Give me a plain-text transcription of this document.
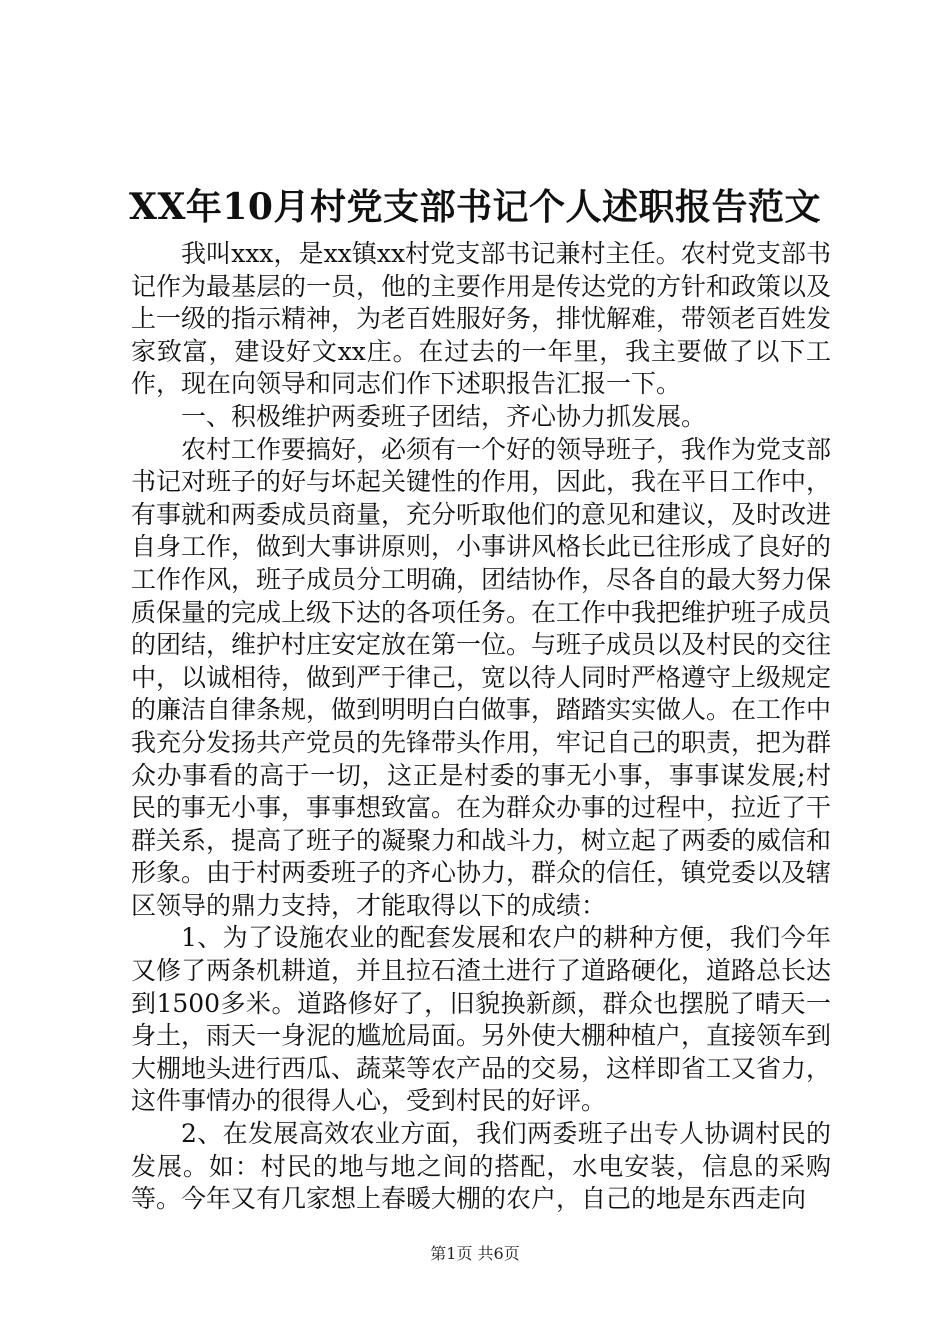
XX年10月村党支部书记个人述职报告范文

我叫xxx，是xx镇xx村党支部书记兼村主任。农村党支部书记作为最基层的一员，他的主要作用是传达党的方针和政策以及上一级的指示精神，为老百姓服好务，排忧解难，带领老百姓发家致富，建设好文xx庄。在过去的一年里，我主要做了以下工作，现在向领导和同志们作下述职报告汇报一下。

一、积极维护两委班子团结，齐心协力抓发展。

农村工作要搞好，必须有一个好的领导班子，我作为党支部书记对班子的好与坏起关键性的作用，因此，我在平日工作中，有事就和两委成员商量，充分听取他们的意见和建议，及时改进自身工作，做到大事讲原则，小事讲风格长此已往形成了良好的工作作风，班子成员分工明确，团结协作，尽各自的最大努力保质保量的完成上级下达的各项任务。在工作中我把维护班子成员的团结，维护村庄安定放在第一位。与班子成员以及村民的交往中，以诚相待，做到严于律己，宽以待人同时严格遵守上级规定的廉洁自律条规，做到明明白白做事，踏踏实实做人。在工作中我充分发扬共产党员的先锋带头作用，牢记自己的职责，把为群众办事看的高于一切，这正是村委的事无小事，事事谋发展;村民的事无小事，事事想致富。在为群众办事的过程中，拉近了干群关系，提高了班子的凝聚力和战斗力，树立起了两委的威信和形象。由于村两委班子的齐心协力，群众的信任，镇党委以及辖区领导的鼎力支持，才能取得以下的成绩：

1、为了设施农业的配套发展和农户的耕种方便，我们今年又修了两条机耕道，并且拉石渣土进行了道路硬化，道路总长达到1500多米。道路修好了，旧貌换新颜，群众也摆脱了晴天一身土，雨天一身泥的尴尬局面。另外使大棚种植户，直接领车到大棚地头进行西瓜、蔬菜等农产品的交易，这样即省工又省力，这件事情办的很得人心，受到村民的好评。

2、在发展高效农业方面，我们两委班子出专人协调村民的发展。如：村民的地与地之间的搭配，水电安装，信息的采购等。今年又有几家想上春暖大棚的农户，自己的地是东西走向

第1页 共6页
